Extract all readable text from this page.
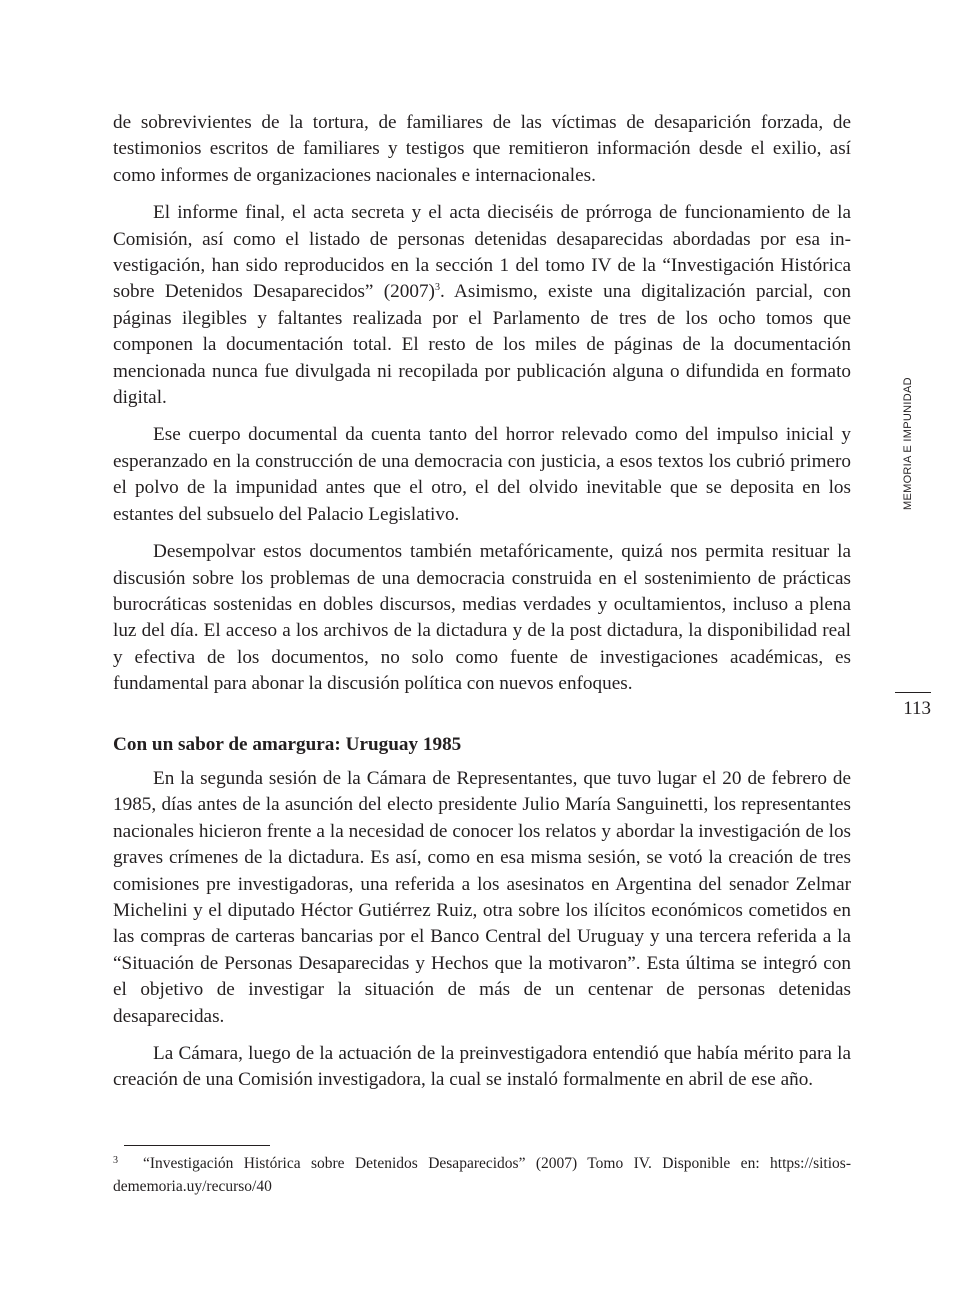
de sobrevivientes de la tortura, de familiares de las víctimas de desaparición forzada, de testimonios escritos de familiares y testigos que remitieron información desde el exilio, así como informes de organizaciones nacionales e internacionales.

El informe final, el acta secreta y el acta dieciséis de prórroga de funcionamiento de la Comisión, así como el listado de personas detenidas desaparecidas abordadas por esa investigación, han sido reproducidos en la sección 1 del tomo IV de la “Investigación Histórica sobre Detenidos Desaparecidos” $(2007)^3$. Asimismo, existe una digitalización parcial, con páginas ilegibles y faltantes realizada por el Parlamento de tres de los ocho tomos que componen la documentación total. El resto de los miles de páginas de la documentación mencionada nunca fue divulgada ni recopilada por publicación alguna o difundida en formato digital.

Ese cuerpo documental da cuenta tanto del horror relevado como del impulso inicial y esperanzado en la construcción de una democracia con justicia, a esos textos los cubrió primero el polvo de la impunidad antes que el otro, el del olvido inevitable que se deposita en los estantes del subsuelo del Palacio Legislativo.

Desempolvar estos documentos también metafóricamente, quizá nos permita resituar la discusión sobre los problemas de una democracia construida en el sostenimiento de prácticas burocráticas sostenidas en dobles discursos, medias verdades y ocultamientos, incluso a plena luz del día. El acceso a los archivos de la dictadura y de la post dictadura, la disponibilidad real y efectiva de los documentos, no solo como fuente de investigaciones académicas, es fundamental para abonar la discusión política con nuevos enfoques.

Con un sabor de amargura: Uruguay 1985

En la segunda sesión de la Cámara de Representantes, que tuvo lugar el 20 de febrero de 1985, días antes de la asunción del electo presidente Julio María Sanguinetti, los representantes nacionales hicieron frente a la necesidad de conocer los relatos y abordar la investigación de los graves crímenes de la dictadura. Es así, como en esa misma sesión, se votó la creación de tres comisiones pre investigadoras, una referida a los asesinatos en Argentina del senador Zelmar Michelini y el diputado Héctor Gutiérrez Ruiz, otra sobre los ilícitos económicos cometidos en las compras de carteras bancarias por el Banco Central del Uruguay y una tercera referida a la “Situación de Personas Desaparecidas y Hechos que la motivaron”. Esta última se integró con el objetivo de investigar la situación de más de un centenar de personas detenidas desaparecidas.

La Cámara, luego de la actuación de la preinvestigadora entendió que había mérito para la creación de una Comisión investigadora, la cual se instaló formalmente en abril de ese año.

MEMORIA E IMPUNIDAD
113
3 “Investigación Histórica sobre Detenidos Desaparecidos” (2007) Tomo IV. Disponible en: https://sitiosdememoria.uy/recurso/40
